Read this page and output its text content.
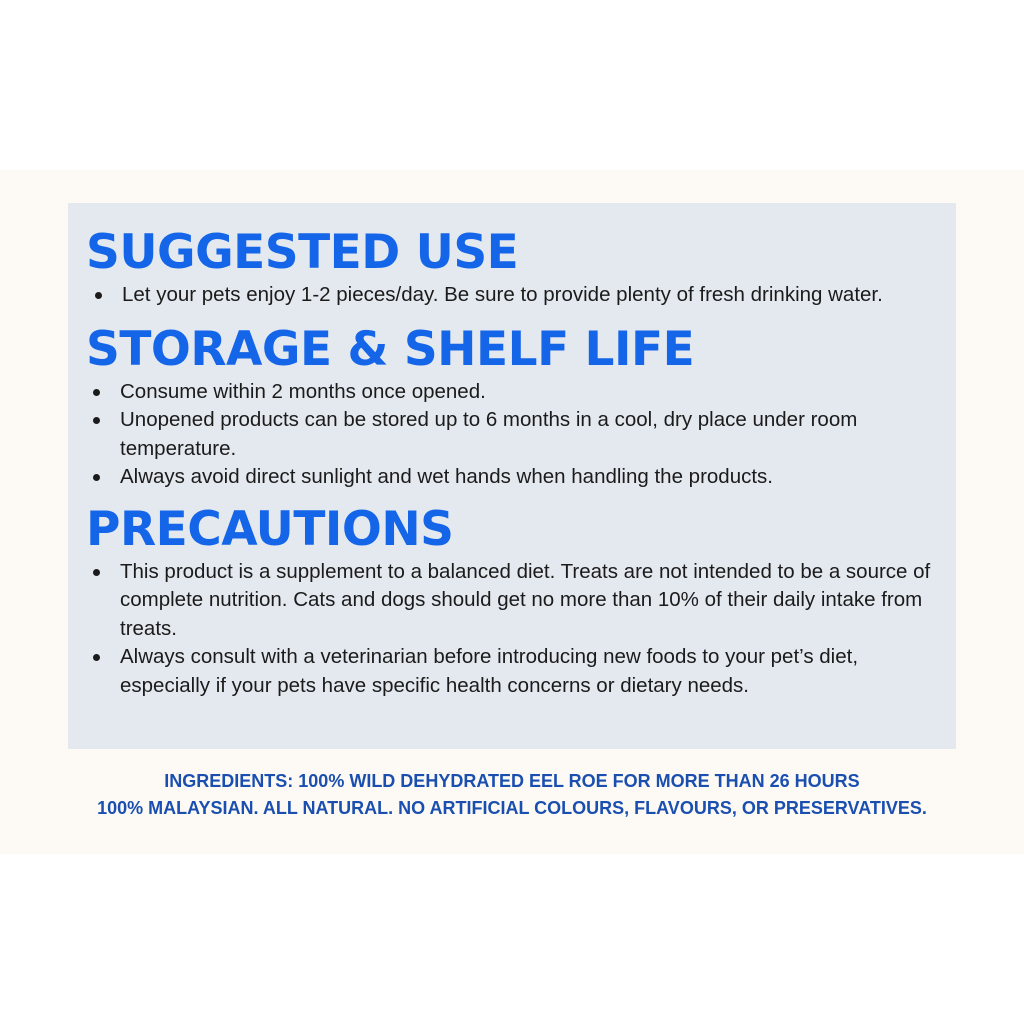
SUGGESTED USE
Let your pets enjoy 1-2 pieces/day. Be sure to provide plenty of fresh drinking water.
STORAGE & SHELF LIFE
Consume within 2 months once opened.
Unopened products can be stored up to 6 months in a cool, dry place under room temperature.
Always avoid direct sunlight and wet hands when handling the products.
PRECAUTIONS
This product is a supplement to a balanced diet. Treats are not intended to be a source of complete nutrition. Cats and dogs should get no more than 10% of their daily intake from treats.
Always consult with a veterinarian before introducing new foods to your pet’s diet, especially if your pets have specific health concerns or dietary needs.
INGREDIENTS: 100% WILD DEHYDRATED EEL ROE FOR MORE THAN 26 HOURS
100% MALAYSIAN. ALL NATURAL. NO ARTIFICIAL COLOURS, FLAVOURS, OR PRESERVATIVES.
